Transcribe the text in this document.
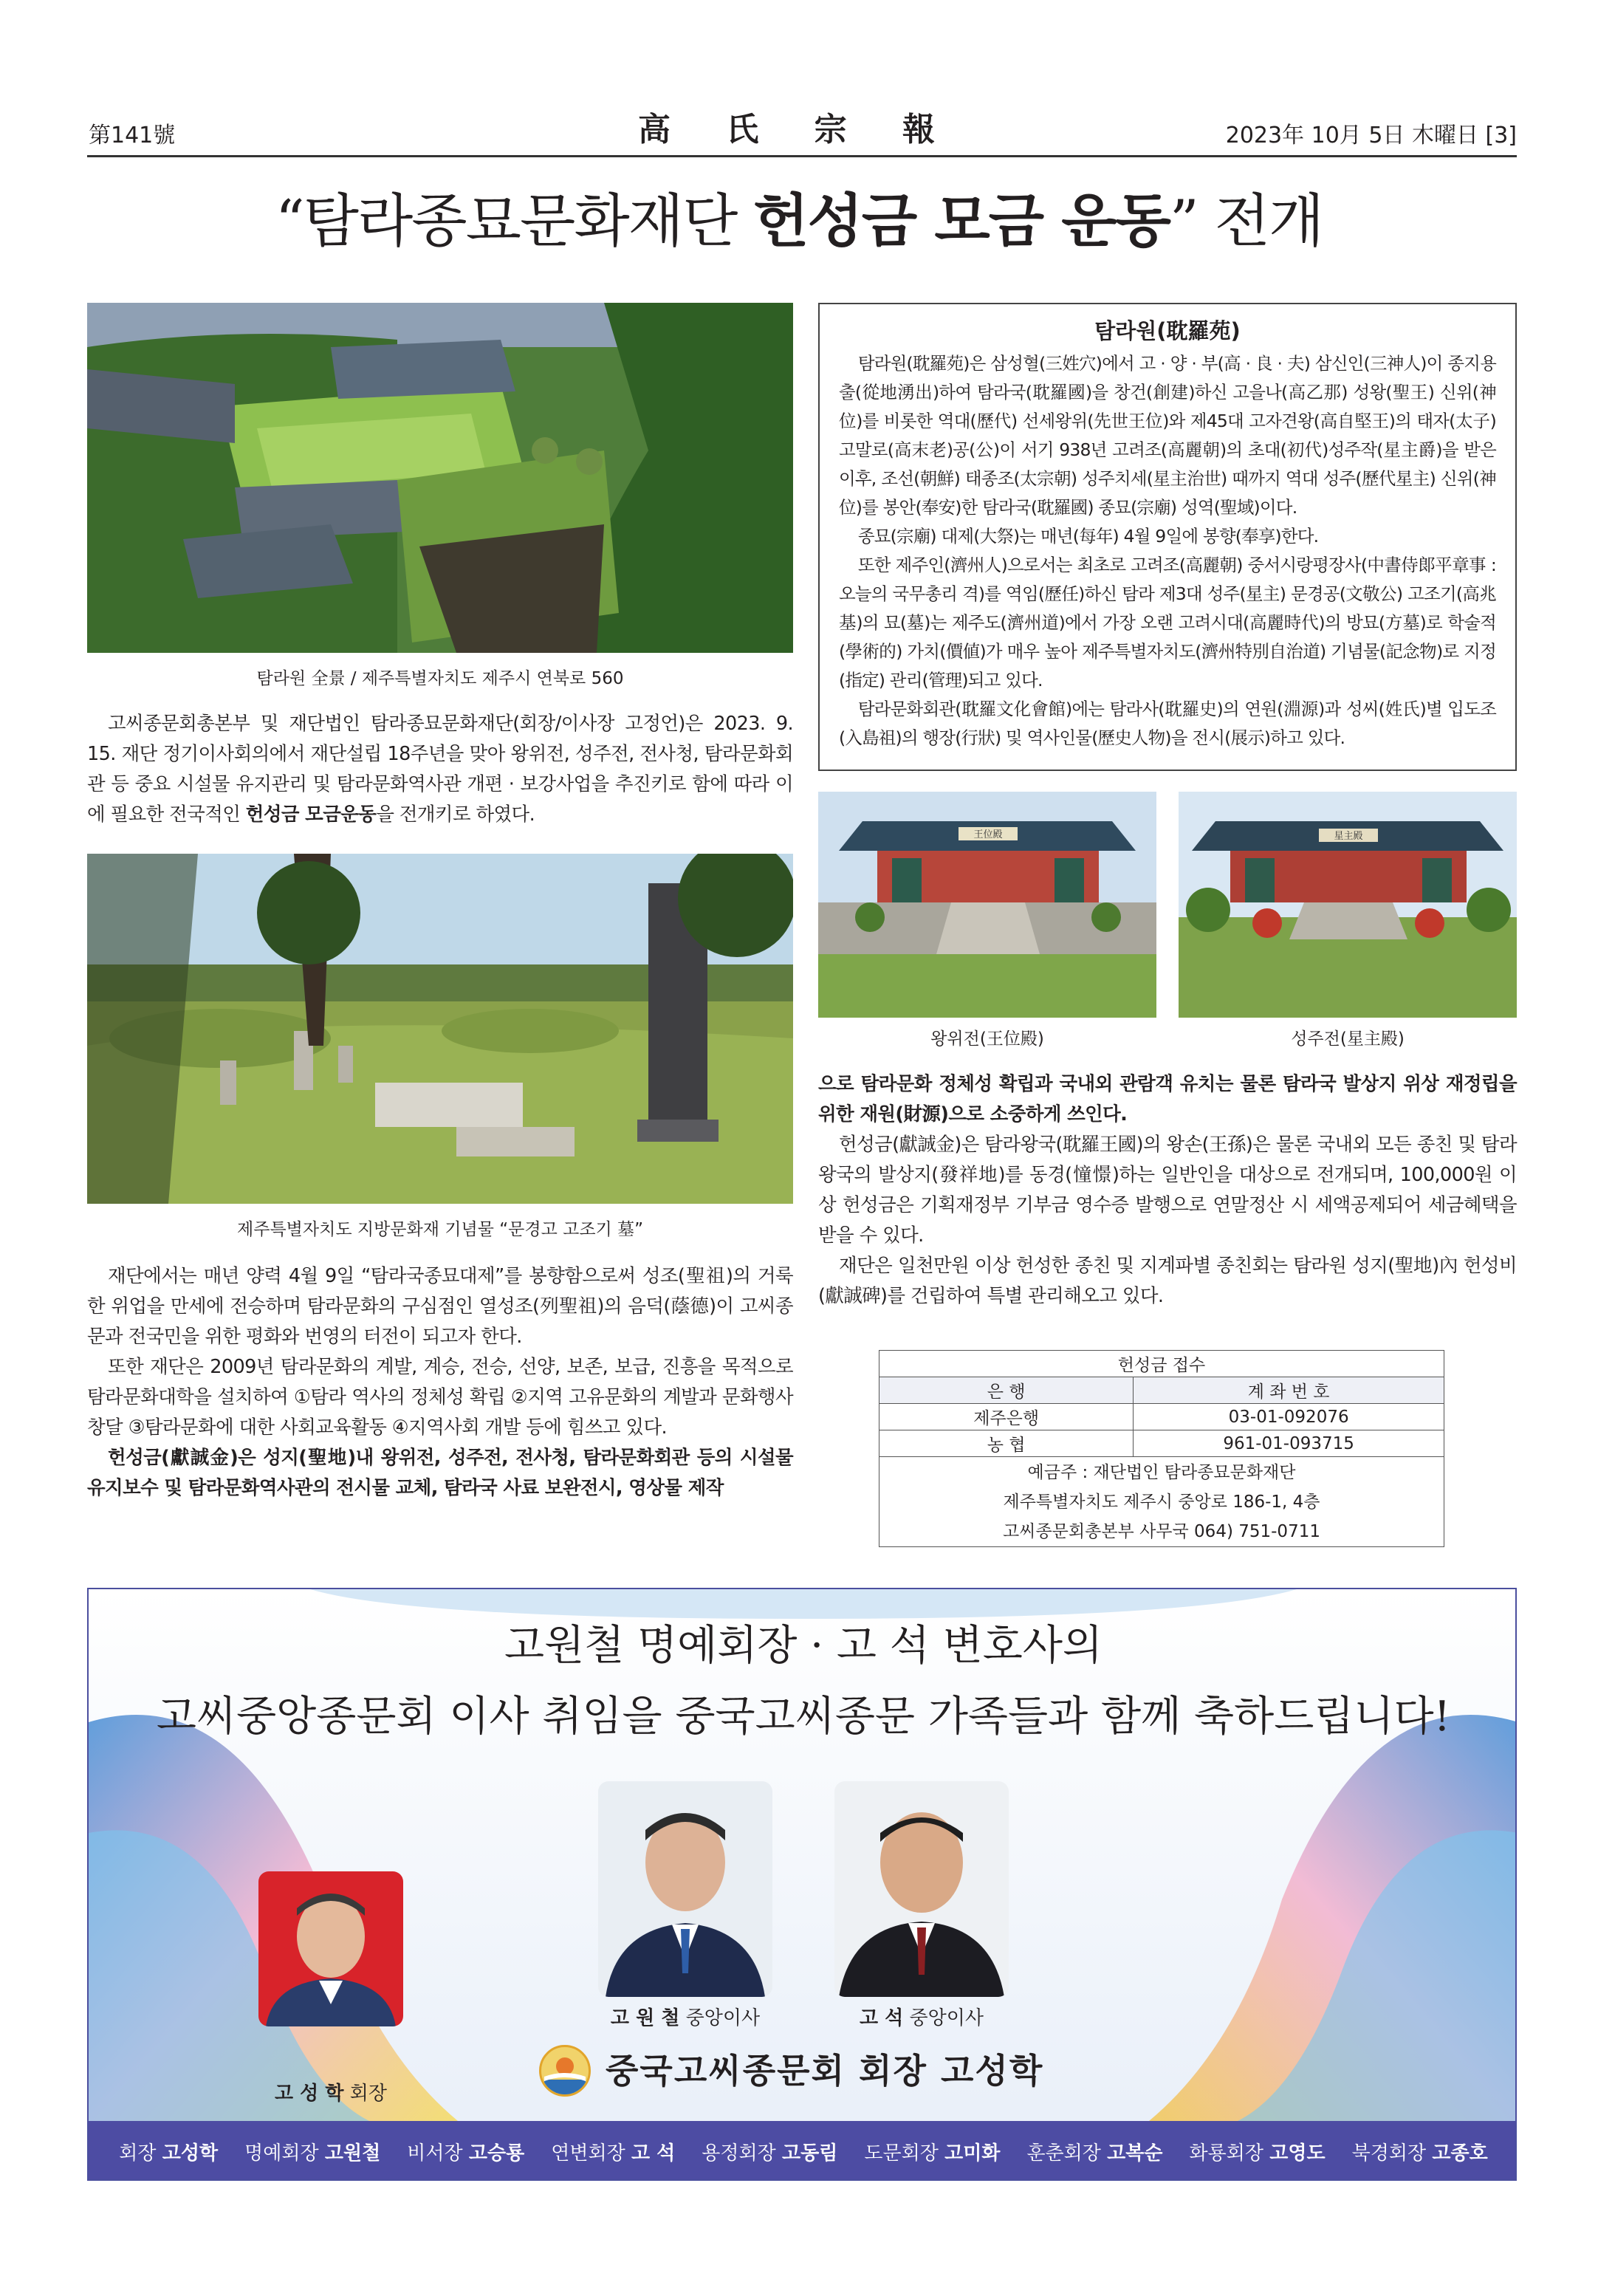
第141號	高 氏 宗 報	2023年 10月 5日 木曜日 [3]
“탐라종묘문화재단 헌성금 모금 운동” 전개
탐라원 全景 / 제주특별자치도 제주시 연북로 560

고씨종문회총본부 및 재단법인 탐라종묘문화재단(회장/이사장 고정언)은 2023. 9. 15. 재단 정기이사회의에서 재단설립 18주년을 맞아 왕위전, 성주전, 전사청, 탐라문화회관 등 중요 시설물 유지관리 및 탐라문화역사관 개편 · 보강사업을 추진키로 함에 따라 이에 필요한 전국적인 헌성금 모금운동을 전개키로 하였다.

제주특별자치도 지방문화재 기념물 “문경고 고조기 墓”

재단에서는 매년 양력 4월 9일 “탐라국종묘대제”를 봉향함으로써 성조(聖祖)의 거룩한 위업을 만세에 전승하며 탐라문화의 구심점인 열성조(列聖祖)의 음덕(蔭德)이 고씨종문과 전국민을 위한 평화와 번영의 터전이 되고자 한다.

또한 재단은 2009년 탐라문화의 계발, 계승, 전승, 선양, 보존, 보급, 진흥을 목적으로 탐라문화대학을 설치하여 ①탐라 역사의 정체성 확립 ②지역 고유문화의 계발과 문화행사 창달 ③탐라문화에 대한 사회교육활동 ④지역사회 개발 등에 힘쓰고 있다.

헌성금(獻誠金)은 성지(聖地)내 왕위전, 성주전, 전사청, 탐라문화회관 등의 시설물 유지보수 및 탐라문화역사관의 전시물 교체, 탐라국 사료 보완전시, 영상물 제작

탐라원(耽羅苑)

탐라원(耽羅苑)은 삼성혈(三姓穴)에서 고 · 양 · 부(高 · 良 · 夫) 삼신인(三神人)이 종지용출(從地湧出)하여 탐라국(耽羅國)을 창건(創建)하신 고을나(高乙那) 성왕(聖王) 신위(神位)를 비롯한 역대(歷代) 선세왕위(先世王位)와 제45대 고자견왕(高自堅王)의 태자(太子) 고말로(高末老)공(公)이 서기 938년 고려조(高麗朝)의 초대(初代)성주작(星主爵)을 받은 이후, 조선(朝鮮) 태종조(太宗朝) 성주치세(星主治世) 때까지 역대 성주(歷代星主) 신위(神位)를 봉안(奉安)한 탐라국(耽羅國) 종묘(宗廟) 성역(聖域)이다.

종묘(宗廟) 대제(大祭)는 매년(每年) 4월 9일에 봉향(奉享)한다.

또한 제주인(濟州人)으로서는 최초로 고려조(高麗朝) 중서시랑평장사(中書侍郞平章事 : 오늘의 국무총리 격)를 역임(歷任)하신 탐라 제3대 성주(星主) 문경공(文敬公) 고조기(高兆基)의 묘(墓)는 제주도(濟州道)에서 가장 오랜 고려시대(高麗時代)의 방묘(方墓)로 학술적(學術的) 가치(價値)가 매우 높아 제주특별자치도(濟州特別自治道) 기념물(記念物)로 지정(指定) 관리(管理)되고 있다.

탐라문화회관(耽羅文化會館)에는 탐라사(耽羅史)의 연원(淵源)과 성씨(姓氏)별 입도조(入島祖)의 행장(行狀) 및 역사인물(歷史人物)을 전시(展示)하고 있다.

王位殿
왕위전(王位殿)
星主殿
성주전(星主殿)

으로 탐라문화 정체성 확립과 국내외 관람객 유치는 물론 탐라국 발상지 위상 재정립을 위한 재원(財源)으로 소중하게 쓰인다.

헌성금(獻誠金)은 탐라왕국(耽羅王國)의 왕손(王孫)은 물론 국내외 모든 종친 및 탐라왕국의 발상지(發祥地)를 동경(憧憬)하는 일반인을 대상으로 전개되며, 100,000원 이상 헌성금은 기획재정부 기부금 영수증 발행으로 연말정산 시 세액공제되어 세금혜택을 받을 수 있다.

재단은 일천만원 이상 헌성한 종친 및 지계파별 종친회는 탐라원 성지(聖地)內 헌성비(獻誠碑)를 건립하여 특별 관리해오고 있다.

헌성금 접수	
은 행	계 좌 번 호
제주은행	03-01-092076
농 협	961-01-093715

예금주 : 재단법인 탐라종묘문화재단
제주특별자치도 제주시 중앙로 186-1, 4층
고씨종문회총본부 사무국 064) 751-0711	
고원철 명예회장 · 고 석 변호사의
고씨중앙종문회 이사 취임을 중국고씨종문 가족들과 함께 축하드립니다!
고 성 학 회장
고 원 철 중앙이사	고 석 중앙이사
중국고씨종문회 회장 고성학
회장 고성학 명예회장 고원철 비서장 고승룡 연변회장 고 석 용정회장 고동림 도문회장 고미화 훈춘회장 고복순 화룡회장 고영도 북경회장 고종호
